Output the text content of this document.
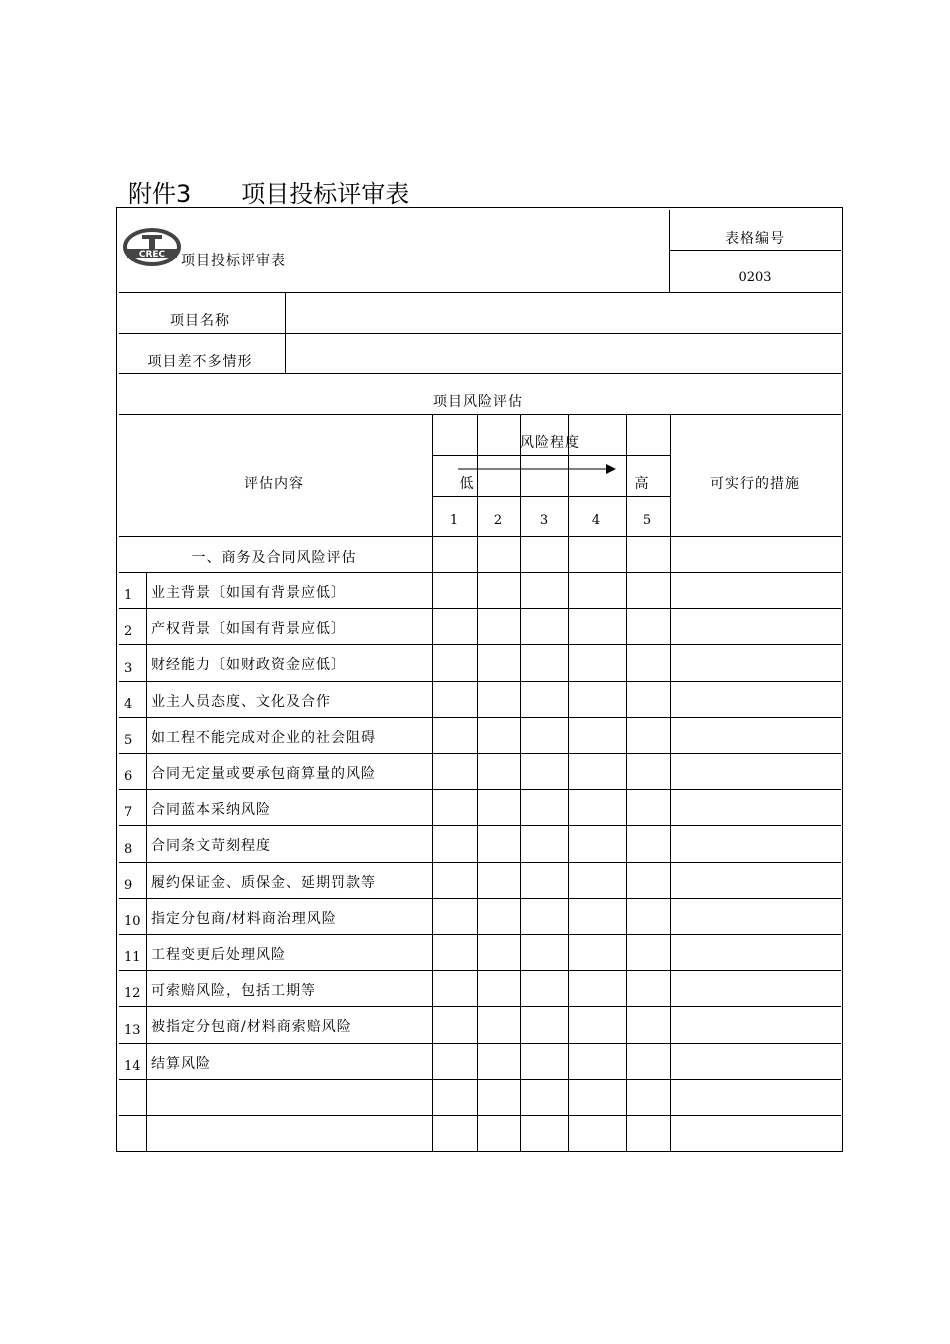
附件3 项目投标评审表
项目投标评审表
表格编号
0203
项目名称
项目差不多情形
项目风险评估
评估内容
风险程度
低	高	可实行的措施
1	2	3	4	5
一、商务及合同风险评估
1 业主背景〔如国有背景应低〕
2 产权背景〔如国有背景应低〕
3 财经能力〔如财政资金应低〕
4 业主人员态度、文化及合作
5 如工程不能完成对企业的社会阻碍
6 合同无定量或要承包商算量的风险
7 合同蓝本采纳风险
8 合同条文苛刻程度
9 履约保证金、质保金、延期罚款等
10 指定分包商/材料商治理风险
11 工程变更后处理风险
12 可索赔风险，包括工期等
13 被指定分包商/材料商索赔风险
14 结算风险
CREC
